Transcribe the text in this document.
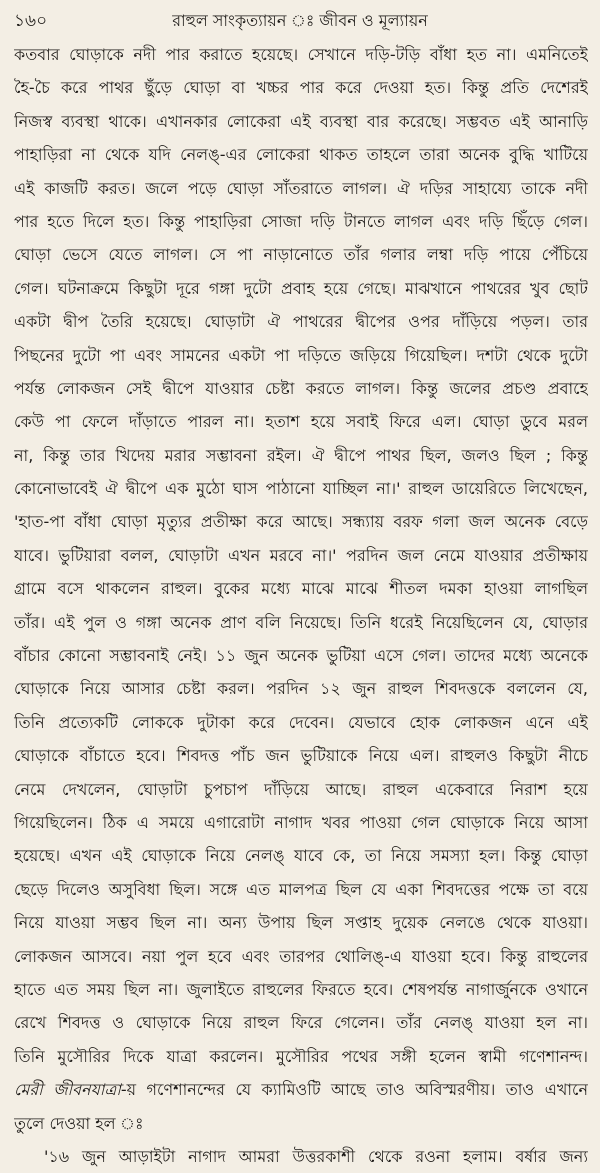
১৬০	রাহুল সাংকৃত্যায়ন ঃ জীবন ও মূল্যায়ন
কতবার ঘোড়াকে নদী পার করাতে হয়েছে। সেখানে দড়ি-টড়ি বাঁধা হত না। এমনিতেই
হৈ-চৈ করে পাথর ছুঁড়ে ঘোড়া বা খচ্চর পার করে দেওয়া হত। কিন্তু প্রতি দেশেরই
নিজস্ব ব্যবস্থা থাকে। এখানকার লোকেরা এই ব্যবস্থা বার করেছে। সম্ভবত এই আনাড়ি
পাহাড়িরা না থেকে যদি নেলঙ্-এর লোকেরা থাকত তাহলে তারা অনেক বুদ্ধি খাটিয়ে
এই কাজটি করত। জলে পড়ে ঘোড়া সাঁতরাতে লাগল। ঐ দড়ির সাহায্যে তাকে নদী
পার হতে দিলে হত। কিন্তু পাহাড়িরা সোজা দড়ি টানতে লাগল এবং দড়ি ছিঁড়ে গেল।
ঘোড়া ভেসে যেতে লাগল। সে পা নাড়ানোতে তাঁর গলার লম্বা দড়ি পায়ে পেঁচিয়ে
গেল। ঘটনাক্রমে কিছুটা দূরে গঙ্গা দুটো প্রবাহ হয়ে গেছে। মাঝখানে পাথরের খুব ছোট
একটা দ্বীপ তৈরি হয়েছে। ঘোড়াটা ঐ পাথরের দ্বীপের ওপর দাঁড়িয়ে পড়ল। তার
পিছনের দুটো পা এবং সামনের একটা পা দড়িতে জড়িয়ে গিয়েছিল। দশটা থেকে দুটো
পর্যন্ত লোকজন সেই দ্বীপে যাওয়ার চেষ্টা করতে লাগল। কিন্তু জলের প্রচণ্ড প্রবাহে
কেউ পা ফেলে দাঁড়াতে পারল না। হতাশ হয়ে সবাই ফিরে এল। ঘোড়া ডুবে মরল
না, কিন্তু তার খিদেয় মরার সম্ভাবনা রইল। ঐ দ্বীপে পাথর ছিল, জলও ছিল ; কিন্তু
কোনোভাবেই ঐ দ্বীপে এক মুঠো ঘাস পাঠানো যাচ্ছিল না।' রাহুল ডায়েরিতে লিখেছেন,
'হাত-পা বাঁধা ঘোড়া মৃত্যুর প্রতীক্ষা করে আছে। সন্ধ্যায় বরফ গলা জল অনেক বেড়ে
যাবে। ভুটিয়ারা বলল, ঘোড়াটা এখন মরবে না।' পরদিন জল নেমে যাওয়ার প্রতীক্ষায়
গ্রামে বসে থাকলেন রাহুল। বুকের মধ্যে মাঝে মাঝে শীতল দমকা হাওয়া লাগছিল
তাঁর। এই পুল ও গঙ্গা অনেক প্রাণ বলি নিয়েছে। তিনি ধরেই নিয়েছিলেন যে, ঘোড়ার
বাঁচার কোনো সম্ভাবনাই নেই। ১১ জুন অনেক ভুটিয়া এসে গেল। তাদের মধ্যে অনেকে
ঘোড়াকে নিয়ে আসার চেষ্টা করল। পরদিন ১২ জুন রাহুল শিবদত্তকে বললেন যে,
তিনি প্রত্যেকটি লোককে দুটাকা করে দেবেন। যেভাবে হোক লোকজন এনে এই
ঘোড়াকে বাঁচাতে হবে। শিবদত্ত পাঁচ জন ভুটিয়াকে নিয়ে এল। রাহুলও কিছুটা নীচে
নেমে দেখলেন, ঘোড়াটা চুপচাপ দাঁড়িয়ে আছে। রাহুল একেবারে নিরাশ হয়ে
গিয়েছিলেন। ঠিক এ সময়ে এগারোটা নাগাদ খবর পাওয়া গেল ঘোড়াকে নিয়ে আসা
হয়েছে। এখন এই ঘোড়াকে নিয়ে নেলঙ্ যাবে কে, তা নিয়ে সমস্যা হল। কিন্তু ঘোড়া
ছেড়ে দিলেও অসুবিধা ছিল। সঙ্গে এত মালপত্র ছিল যে একা শিবদত্তের পক্ষে তা বয়ে
নিয়ে যাওয়া সম্ভব ছিল না। অন্য উপায় ছিল সপ্তাহ দুয়েক নেলঙে থেকে যাওয়া।
লোকজন আসবে। নয়া পুল হবে এবং তারপর থোলিঙ্-এ যাওয়া হবে। কিন্তু রাহুলের
হাতে এত সময় ছিল না। জুলাইতে রাহুলের ফিরতে হবে। শেষপর্যন্ত নাগার্জুনকে ওখানে
রেখে শিবদত্ত ও ঘোড়াকে নিয়ে রাহুল ফিরে গেলেন। তাঁর নেলঙ্ যাওয়া হল না।
তিনি মুসৌরির দিকে যাত্রা করলেন। মুসৌরির পথের সঙ্গী হলেন স্বামী গণেশানন্দ।
মেরী জীবনযাত্রা-য় গণেশানন্দের যে ক্যামিওটি আছে তাও অবিস্মরণীয়। তাও এখানে
তুলে দেওয়া হল ঃ
'১৬ জুন আড়াইটা নাগাদ আমরা উত্তরকাশী থেকে রওনা হলাম। বর্ষার জন্য
